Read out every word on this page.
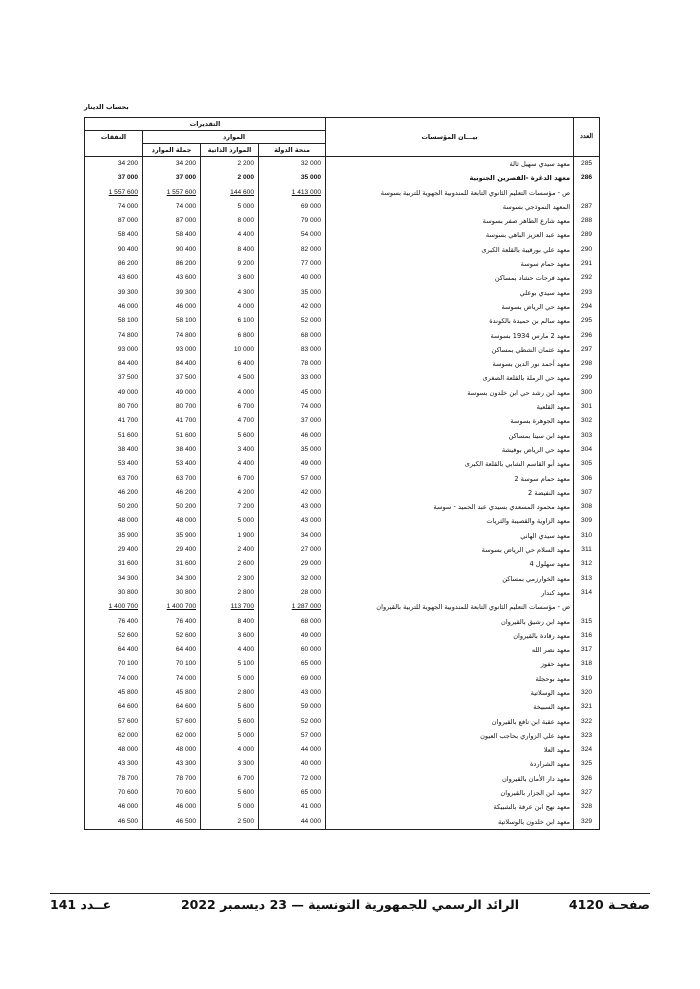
بحساب الدينار
التقديرات				بيـــان المؤسسات	العدد
النفقات	الموارد				
	جملة الموارد	الموارد الذاتية	منحة الدولة		
34 200	34 200	2 200	32 000	معهد سيدي سهيل ثالة	285
37 000	37 000	2 000	35 000	معهد الدغرة -القصرين الجنوبية	286
1 557 600	1 557 600	144 600	1 413 000	ص - مؤسسات التعليم الثانوي التابعة للمندوبية الجهوية للتربية بسوسة	
74 000	74 000	5 000	69 000	المعهد النموذجي بسوسة	287
87 000	87 000	8 000	79 000	معهد شارع الطاهر صفر بسوسة	288
58 400	58 400	4 400	54 000	معهد عبد العزيز الباهي بسوسة	289
90 400	90 400	8 400	82 000	معهد علي بورقيبة بالقلعة الكبرى	290
86 200	86 200	9 200	77 000	معهد حمام سوسة	291
43 600	43 600	3 600	40 000	معهد فرحات حشاد بمساكن	292
39 300	39 300	4 300	35 000	معهد سيدي بوعلي	293
46 000	46 000	4 000	42 000	معهد حي الرياض بسوسة	294
58 100	58 100	6 100	52 000	معهد سالم بن حميدة بالكوندة	295
74 800	74 800	6 800	68 000	معهد 2 مارس 1934 بسوسة	296
93 000	93 000	10 000	83 000	معهد عثمان الشطي بمساكن	297
84 400	84 400	6 400	78 000	معهد أحمد نور الدين بسوسة	298
37 500	37 500	4 500	33 000	معهد حي الرملة بالقلعة الصغرى	299
49 000	49 000	4 000	45 000	معهد ابن رشد حي ابن خلدون بسوسة	300
80 700	80 700	6 700	74 000	معهد القلعية	301
41 700	41 700	4 700	37 000	معهد الجوهرة بسوسة	302
51 600	51 600	5 600	46 000	معهد ابن سينا بمساكن	303
38 400	38 400	3 400	35 000	معهد حي الرياض بوفيشة	304
53 400	53 400	4 400	49 000	معهد أبو القاسم الشابي بالقلعة الكبرى	305
63 700	63 700	6 700	57 000	معهد حمام سوسة 2	306
46 200	46 200	4 200	42 000	معهد النفيضة 2	307
50 200	50 200	7 200	43 000	معهد محمود المسعدي بسيدي عبد الحميد - سوسة	308
48 000	48 000	5 000	43 000	معهد الزاوية والقصيبة والثريات	309
35 900	35 900	1 900	34 000	معهد سيدي الهاني	310
29 400	29 400	2 400	27 000	معهد السلام حي الرياض بسوسة	311
31 600	31 600	2 600	29 000	معهد سهلول 4	312
34 300	34 300	2 300	32 000	معهد الخوارزمي بمساكن	313
30 800	30 800	2 800	28 000	معهد كندار	314
1 400 700	1 400 700	113 700	1 287 000	ض - مؤسسات التعليم الثانوي التابعة للمندوبية الجهوية للتربية بالقيروان	
76 400	76 400	8 400	68 000	معهد ابن رشيق بالقيروان	315
52 600	52 600	3 600	49 000	معهد رقادة بالقيروان	316
64 400	64 400	4 400	60 000	معهد نصر الله	317
70 100	70 100	5 100	65 000	معهد حفوز	318
74 000	74 000	5 000	69 000	معهد بوحجلة	319
45 800	45 800	2 800	43 000	معهد الوسلاتية	320
64 600	64 600	5 600	59 000	معهد السبيخة	321
57 600	57 600	5 600	52 000	معهد عقبة ابن نافع بالقيروان	322
62 000	62 000	5 000	57 000	معهد علي الزواري بحاجب العيون	323
48 000	48 000	4 000	44 000	معهد العلا	324
43 300	43 300	3 300	40 000	معهد الشراردة	325
78 700	78 700	6 700	72 000	معهد دار الأمان بالقيروان	326
70 600	70 600	5 600	65 000	معهد ابن الجزار بالقيروان	327
46 000	46 000	5 000	41 000	معهد نهج ابن عرفة بالشبيكة	328
46 500	46 500	2 500	44 000	معهد ابن خلدون بالوسلاتية	329
صفحـة 4120
الرائد الرسمي للجمهورية التونسية — 23 ديسمبر 2022
عــدد 141
